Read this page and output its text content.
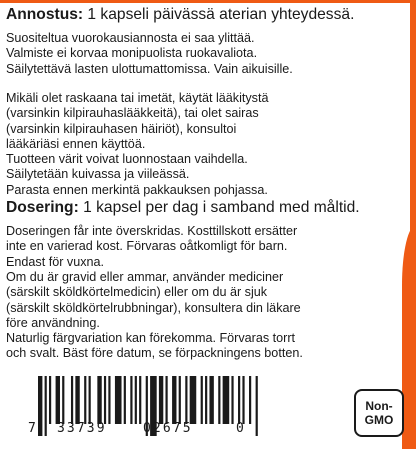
Annostus: 1 kapseli päivässä aterian yhteydessä.

Suositeltua vuorokausiannosta ei saa ylittää.

Valmiste ei korvaa monipuolista ruokavaliota.

Säilytettävä lasten ulottumattomissa. Vain aikuisille.

Mikäli olet raskaana tai imetät, käytät lääkitystä

(varsinkin kilpirauhaslääkkeitä), tai olet sairas

(varsinkin kilpirauhasen häiriöt), konsultoi

lääkäriäsi ennen käyttöä.

Tuotteen värit voivat luonnostaan vaihdella.

Säilytetään kuivassa ja viileässä.

Parasta ennen merkintä pakkauksen pohjassa.

Dosering: 1 kapsel per dag i samband med måltid.

Doseringen får inte överskridas. Kosttillskott ersätter

inte en varierad kost. Förvaras oåtkomligt för barn.

Endast för vuxna.

Om du är gravid eller ammar, använder mediciner

(särskilt sköldkörtelmedicin) eller om du är sjuk

(särskilt sköldkörtelrubbningar), konsultera din läkare

före användning.

Naturlig färgvariation kan förekomma. Förvaras torrt

och svalt. Bäst före datum, se förpackningens botten.

7 33739	02675	0
Non-
GMO
